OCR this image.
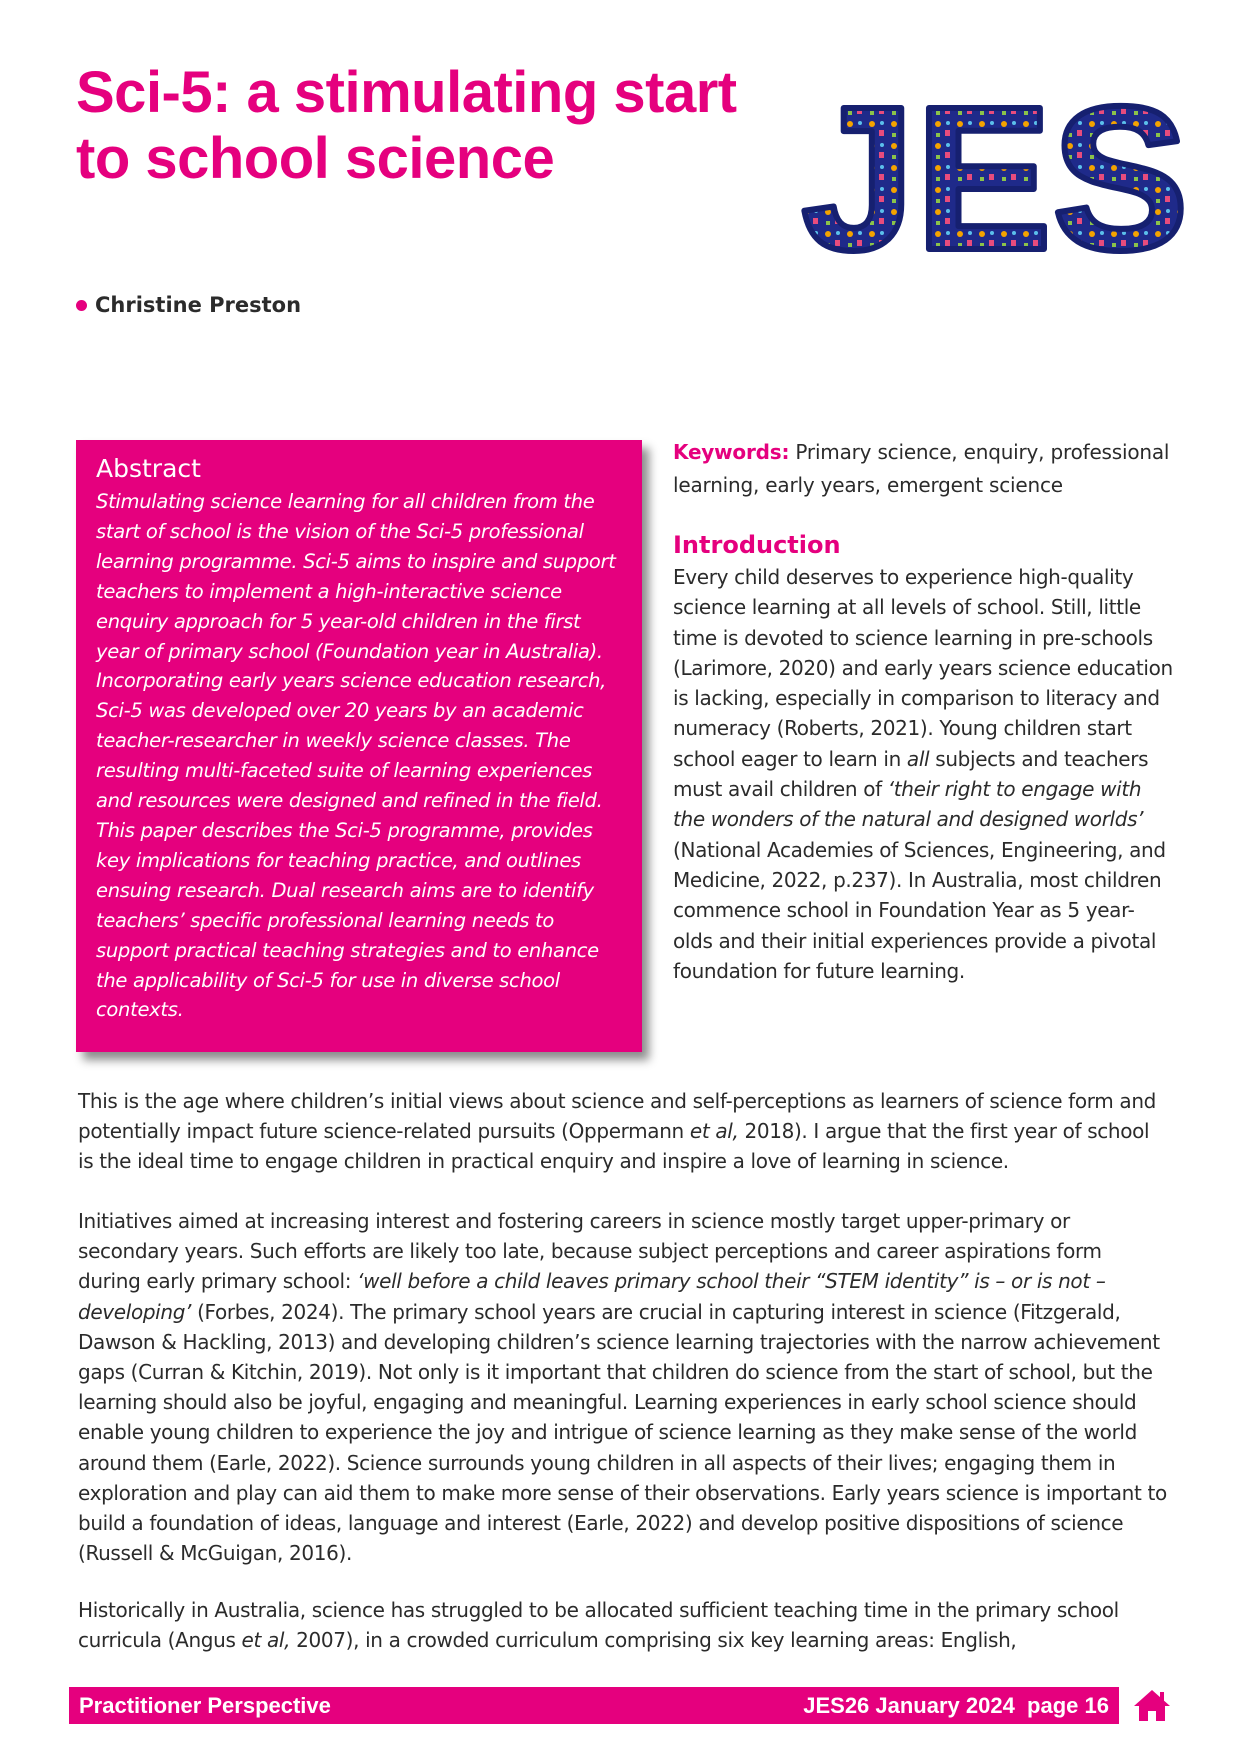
Sci-5: a stimulating start
to school science	JES
Christine Preston
Abstract

Stimulating science learning for all children from the start of school is the vision of the Sci-5 professional learning programme. Sci-5 aims to inspire and support teachers to implement a high-interactive science enquiry approach for 5 year-old children in the first year of primary school (Foundation year in Australia). Incorporating early years science education research, Sci-5 was developed over 20 years by an academic teacher-researcher in weekly science classes. The resulting multi-faceted suite of learning experiences and resources were designed and refined in the field. This paper describes the Sci-5 programme, provides key implications for teaching practice, and outlines ensuing research. Dual research aims are to identify teachers’ specific professional learning needs to support practical teaching strategies and to enhance the applicability of Sci-5 for use in diverse school contexts.

Keywords: Primary science, enquiry, professional learning, early years, emergent science

Introduction

Every child deserves to experience high-quality science learning at all levels of school. Still, little time is devoted to science learning in pre-schools (Larimore, 2020) and early years science education is lacking, especially in comparison to literacy and numeracy (Roberts, 2021). Young children start school eager to learn in all subjects and teachers must avail children of ‘their right to engage with the wonders of the natural and designed worlds’ (National Academies of Sciences, Engineering, and Medicine, 2022, p.237). In Australia, most children commence school in Foundation Year as 5 year-olds and their initial experiences provide a pivotal foundation for future learning.

This is the age where children’s initial views about science and self-perceptions as learners of science form and potentially impact future science-related pursuits (Oppermann et al, 2018). I argue that the first year of school is the ideal time to engage children in practical enquiry and inspire a love of learning in science.

Initiatives aimed at increasing interest and fostering careers in science mostly target upper-primary or secondary years. Such efforts are likely too late, because subject perceptions and career aspirations form during early primary school: ‘well before a child leaves primary school their “STEM identity” is – or is not – developing’ (Forbes, 2024). The primary school years are crucial in capturing interest in science (Fitzgerald, Dawson & Hackling, 2013) and developing children’s science learning trajectories with the narrow achievement gaps (Curran & Kitchin, 2019). Not only is it important that children do science from the start of school, but the learning should also be joyful, engaging and meaningful. Learning experiences in early school science should enable young children to experience the joy and intrigue of science learning as they make sense of the world around them (Earle, 2022). Science surrounds young children in all aspects of their lives; engaging them in exploration and play can aid them to make more sense of their observations. Early years science is important to build a foundation of ideas, language and interest (Earle, 2022) and develop positive dispositions of science (Russell & McGuigan, 2016).

Historically in Australia, science has struggled to be allocated sufficient teaching time in the primary school curricula (Angus et al, 2007), in a crowded curriculum comprising six key learning areas: English,

Practitioner Perspective	JES26 January 2024  page 16
